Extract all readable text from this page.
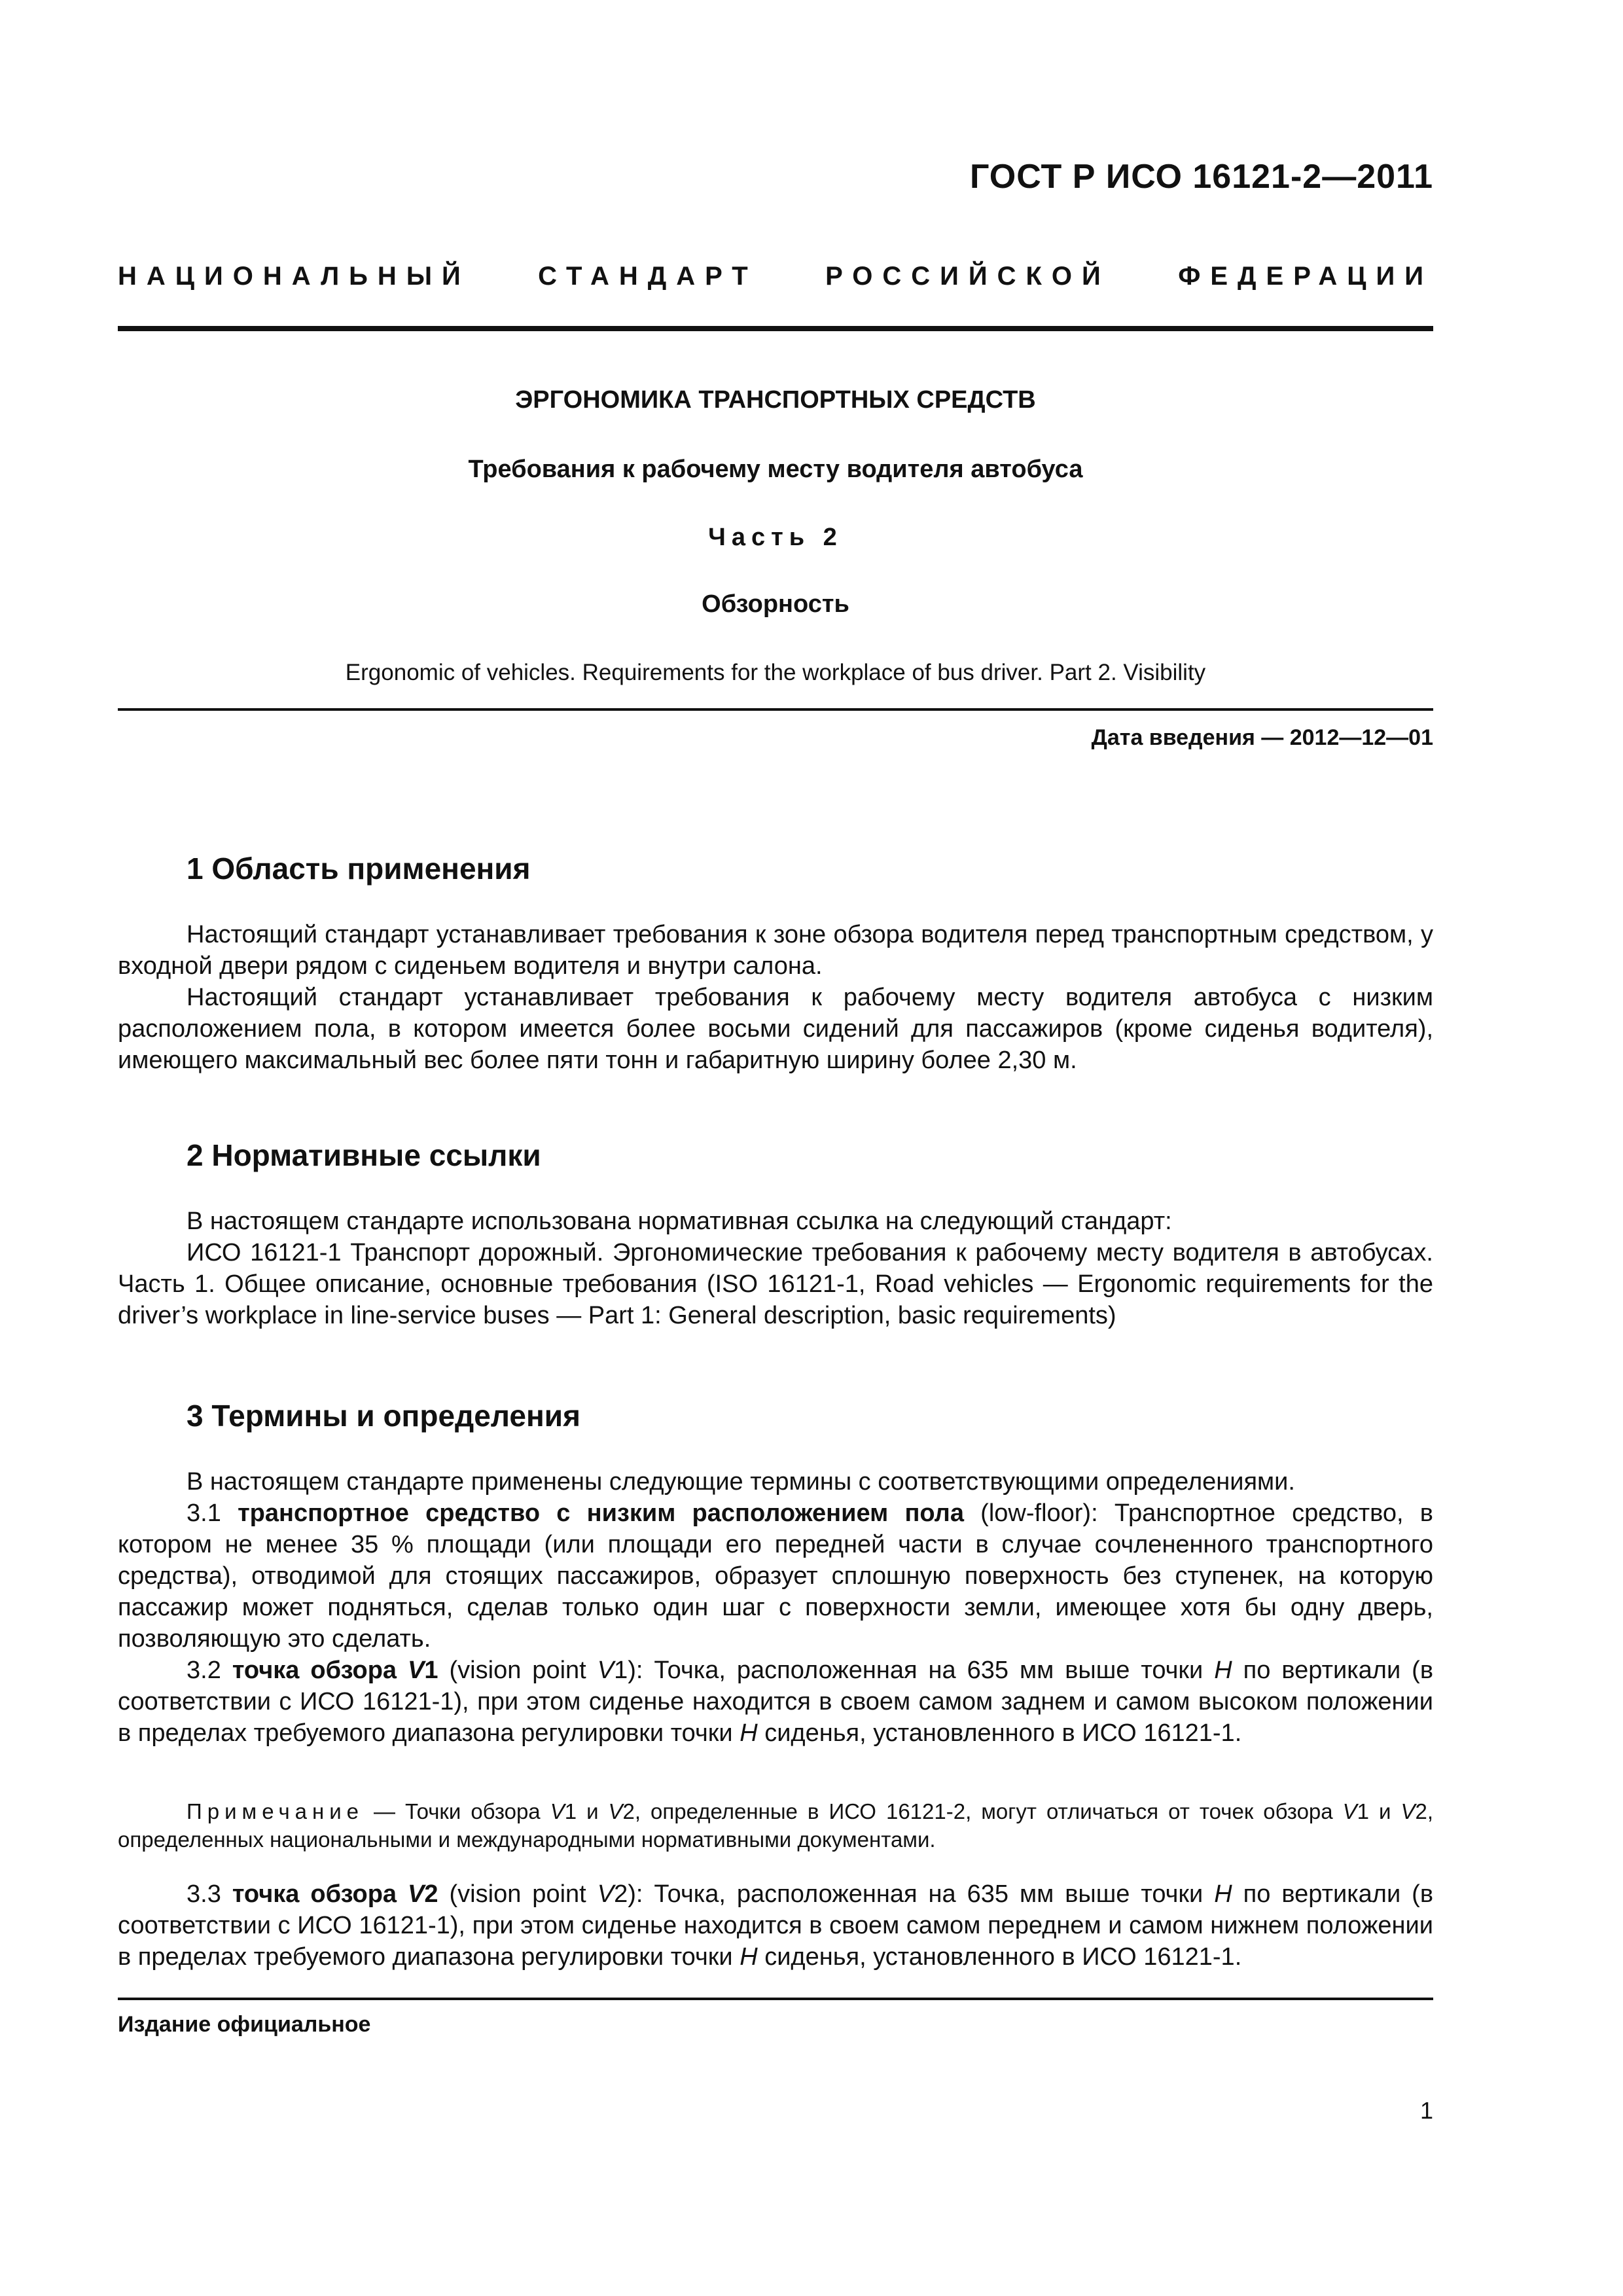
ГОСТ Р ИСО 16121-2—2011
НАЦИОНАЛЬНЫЙ	СТАНДАРТ	РОССИЙСКОЙ	ФЕДЕРАЦИИ
ЭРГОНОМИКА ТРАНСПОРТНЫХ СРЕДСТВ
Требования к рабочему месту водителя автобуса
Часть 2
Обзорность
Ergonomic of vehicles. Requirements for the workplace of bus driver. Part 2. Visibility
Дата введения — 2012—12—01
1 Область применения

Настоящий стандарт устанавливает требования к зоне обзора водителя перед транспортным средством, у входной двери рядом с сиденьем водителя и внутри салона.

Настоящий стандарт устанавливает требования к рабочему месту водителя автобуса с низким расположением пола, в котором имеется более восьми сидений для пассажиров (кроме сиденья водителя), имеющего максимальный вес более пяти тонн и габаритную ширину более 2,30 м.

2 Нормативные ссылки

В настоящем стандарте использована нормативная ссылка на следующий стандарт:

ИСО 16121-1 Транспорт дорожный. Эргономические требования к рабочему месту водителя в автобусах. Часть 1. Общее описание, основные требования (ISO 16121-1, Road vehicles — Ergonomic requirements for the driver’s workplace in line-service buses — Part 1: General description, basic requirements)

3 Термины и определения

В настоящем стандарте применены следующие термины с соответствующими определениями.

3.1 транспортное средство с низким расположением пола (low-floor): Транспортное средство, в котором не менее 35 % площади (или площади его передней части в случае сочлененного транспортного средства), отводимой для стоящих пассажиров, образует сплошную поверхность без ступенек, на которую пассажир может подняться, сделав только один шаг с поверхности земли, имеющее хотя бы одну дверь, позволяющую это сделать.

3.2 точка обзора V1 (vision point V1): Точка, расположенная на 635 мм выше точки H по вертикали (в соответствии с ИСО 16121-1), при этом сиденье находится в своем самом заднем и самом высоком положении в пределах требуемого диапазона регулировки точки H сиденья, установленного в ИСО 16121-1.

Примечание — Точки обзора V1 и V2, определенные в ИСО 16121-2, могут отличаться от точек обзора V1 и V2, определенных национальными и международными нормативными документами.

3.3 точка обзора V2 (vision point V2): Точка, расположенная на 635 мм выше точки H по вертикали (в соответствии с ИСО 16121-1), при этом сиденье находится в своем самом переднем и самом нижнем положении в пределах требуемого диапазона регулировки точки H сиденья, установленного в ИСО 16121-1.

Издание официальное
1
